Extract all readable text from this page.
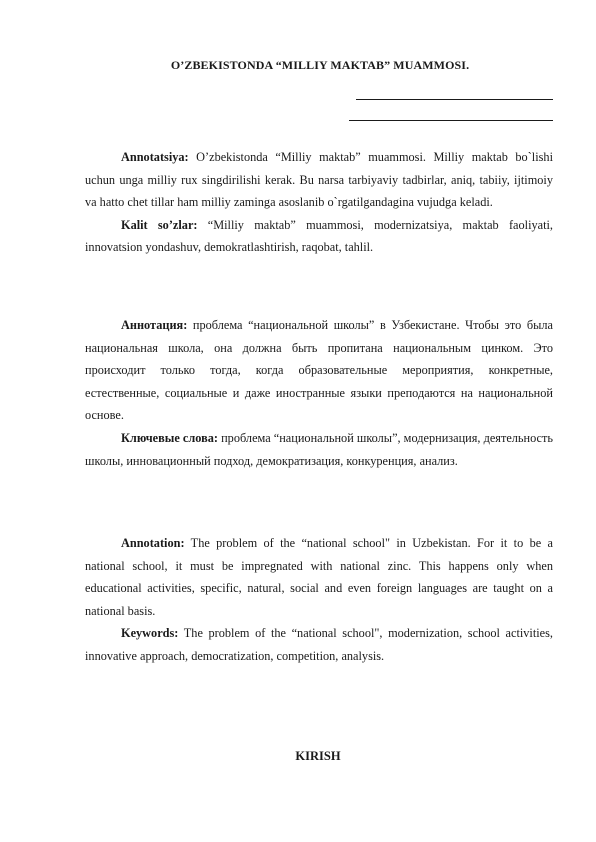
O’ZBEKISTONDA “MILLIY MAKTAB” MUAMMOSI.

Annotatsiya: O’zbekistonda “Milliy maktab” muammosi. Milliy maktab bo`lishi uchun unga milliy rux singdirilishi kerak. Bu narsa tarbiyaviy tadbirlar, aniq, tabiiy, ijtimoiy va hatto chet tillar ham milliy zaminga asoslanib o`rgatilgandagina vujudga keladi.

Kalit so’zlar: “Milliy maktab” muammosi, modernizatsiya, maktab faoliyati, innovatsion yondashuv, demokratlashtirish, raqobat, tahlil.

Аннотация: проблема “национальной школы” в Узбекистане. Чтобы это была национальная школа, она должна быть пропитана национальным цинком. Это происходит только тогда, когда образовательные мероприятия, конкретные, естественные, социальные и даже иностранные языки преподаются на национальной основе.

Ключевые слова: проблема “национальной школы”, модернизация, деятельность школы, инновационный подход, демократизация, конкуренция, анализ.

Annotation: The problem of the “national school" in Uzbekistan. For it to be a national school, it must be impregnated with national zinc. This happens only when educational activities, specific, natural, social and even foreign languages are taught on a national basis.

Keywords: The problem of the “national school", modernization, school activities, innovative approach, democratization, competition, analysis.

KIRISH
